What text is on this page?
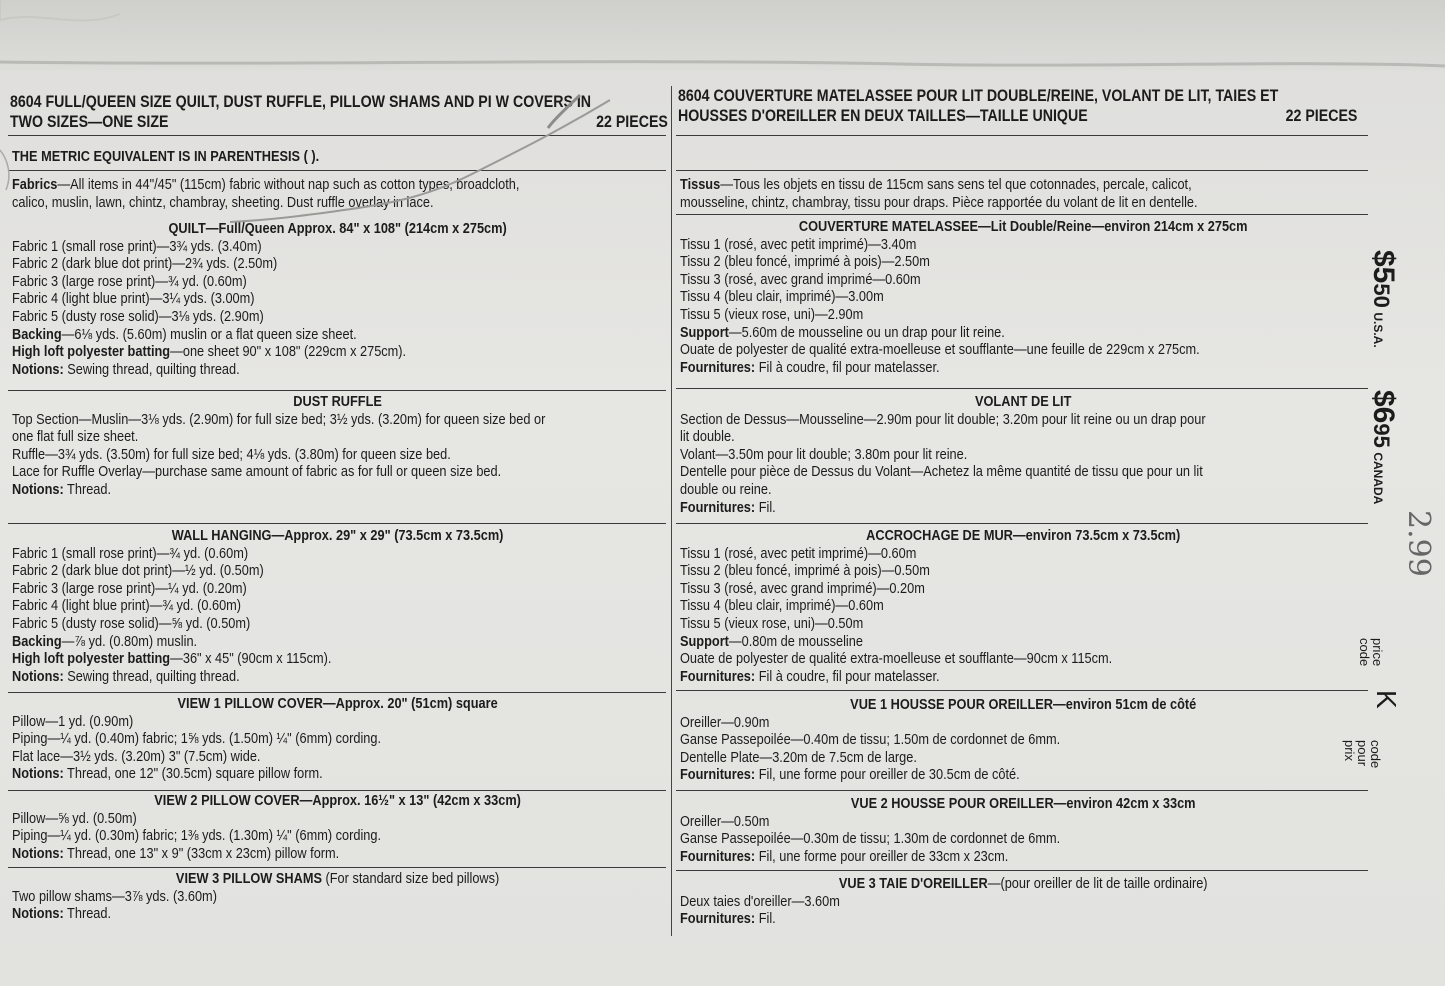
8604 FULL/QUEEN SIZE QUILT, DUST RUFFLE, PILLOW SHAMS AND PI W COVERS IN
TWO SIZES—ONE SIZE	22 PIECES
THE METRIC EQUIVALENT IS IN PARENTHESIS ( ).
Fabrics—All items in 44"/45" (115cm) fabric without nap such as cotton types, broadcloth,
calico, muslin, lawn, chintz, chambray, sheeting. Dust ruffle overlay in lace.
QUILT—Full/Queen Approx. 84" x 108" (214cm x 275cm)
Fabric 1 (small rose print)—3¾ yds. (3.40m)
Fabric 2 (dark blue dot print)—2¾ yds. (2.50m)
Fabric 3 (large rose print)—¾ yd. (0.60m)
Fabric 4 (light blue print)—3¼ yds. (3.00m)
Fabric 5 (dusty rose solid)—3⅛ yds. (2.90m)
Backing—6⅛ yds. (5.60m) muslin or a flat queen size sheet.
High loft polyester batting—one sheet 90" x 108" (229cm x 275cm).
Notions: Sewing thread, quilting thread.
DUST RUFFLE
Top Section—Muslin—3⅛ yds. (2.90m) for full size bed; 3½ yds. (3.20m) for queen size bed or
one flat full size sheet.
Ruffle—3¾ yds. (3.50m) for full size bed; 4⅛ yds. (3.80m) for queen size bed.
Lace for Ruffle Overlay—purchase same amount of fabric as for full or queen size bed.
Notions: Thread.
WALL HANGING—Approx. 29" x 29" (73.5cm x 73.5cm)
Fabric 1 (small rose print)—¾ yd. (0.60m)
Fabric 2 (dark blue dot print)—½ yd. (0.50m)
Fabric 3 (large rose print)—¼ yd. (0.20m)
Fabric 4 (light blue print)—¾ yd. (0.60m)
Fabric 5 (dusty rose solid)—⅝ yd. (0.50m)
Backing—⅞ yd. (0.80m) muslin.
High loft polyester batting—36" x 45" (90cm x 115cm).
Notions: Sewing thread, quilting thread.
VIEW 1 PILLOW COVER—Approx. 20" (51cm) square
Pillow—1 yd. (0.90m)
Piping—¼ yd. (0.40m) fabric; 1⅝ yds. (1.50m) ¼" (6mm) cording.
Flat lace—3½ yds. (3.20m) 3" (7.5cm) wide.
Notions: Thread, one 12" (30.5cm) square pillow form.
VIEW 2 PILLOW COVER—Approx. 16½" x 13" (42cm x 33cm)
Pillow—⅝ yd. (0.50m)
Piping—¼ yd. (0.30m) fabric; 1⅜ yds. (1.30m) ¼" (6mm) cording.
Notions: Thread, one 13" x 9" (33cm x 23cm) pillow form.
VIEW 3 PILLOW SHAMS (For standard size bed pillows)
Two pillow shams—3⅞ yds. (3.60m)
Notions: Thread.
8604 COUVERTURE MATELASSEE POUR LIT DOUBLE/REINE, VOLANT DE LIT, TAIES ET
HOUSSES D'OREILLER EN DEUX TAILLES—TAILLE UNIQUE	22 PIECES
Tissus—Tous les objets en tissu de 115cm sans sens tel que cotonnades, percale, calicot,
mousseline, chintz, chambray, tissu pour draps. Pièce rapportée du volant de lit en dentelle.
COUVERTURE MATELASSEE—Lit Double/Reine—environ 214cm x 275cm
Tissu 1 (rosé, avec petit imprimé)—3.40m
Tissu 2 (bleu foncé, imprimé à pois)—2.50m
Tissu 3 (rosé, avec grand imprimé—0.60m
Tissu 4 (bleu clair, imprimé)—3.00m
Tissu 5 (vieux rose, uni)—2.90m
Support—5.60m de mousseline ou un drap pour lit reine.
Ouate de polyester de qualité extra-moelleuse et soufflante—une feuille de 229cm x 275cm.
Fournitures: Fil à coudre, fil pour matelasser.
VOLANT DE LIT
Section de Dessus—Mousseline—2.90m pour lit double; 3.20m pour lit reine ou un drap pour
lit double.
Volant—3.50m pour lit double; 3.80m pour lit reine.
Dentelle pour pièce de Dessus du Volant—Achetez la même quantité de tissu que pour un lit
double ou reine.
Fournitures: Fil.
ACCROCHAGE DE MUR—environ 73.5cm x 73.5cm)
Tissu 1 (rosé, avec petit imprimé)—0.60m
Tissu 2 (bleu foncé, imprimé à pois)—0.50m
Tissu 3 (rosé, avec grand imprimé)—0.20m
Tissu 4 (bleu clair, imprimé)—0.60m
Tissu 5 (vieux rose, uni)—0.50m
Support—0.80m de mousseline
Ouate de polyester de qualité extra-moelleuse et soufflante—90cm x 115cm.
Fournitures: Fil à coudre, fil pour matelasser.
VUE 1 HOUSSE POUR OREILLER—environ 51cm de côté
Oreiller—0.90m
Ganse Passepoilée—0.40m de tissu; 1.50m de cordonnet de 6mm.
Dentelle Plate—3.20m de 7.5cm de large.
Fournitures: Fil, une forme pour oreiller de 30.5cm de côté.
VUE 2 HOUSSE POUR OREILLER—environ 42cm x 33cm
Oreiller—0.50m
Ganse Passepoilée—0.30m de tissu; 1.30m de cordonnet de 6mm.
Fournitures: Fil, une forme pour oreiller de 33cm x 23cm.
VUE 3 TAIE D'OREILLER—(pour oreiller de lit de taille ordinaire)
Deux taies d'oreiller—3.60m
Fournitures: Fil.
$550 U.S.A.
$695 CANADA
2.99
price
code
K
code
pour
prix
